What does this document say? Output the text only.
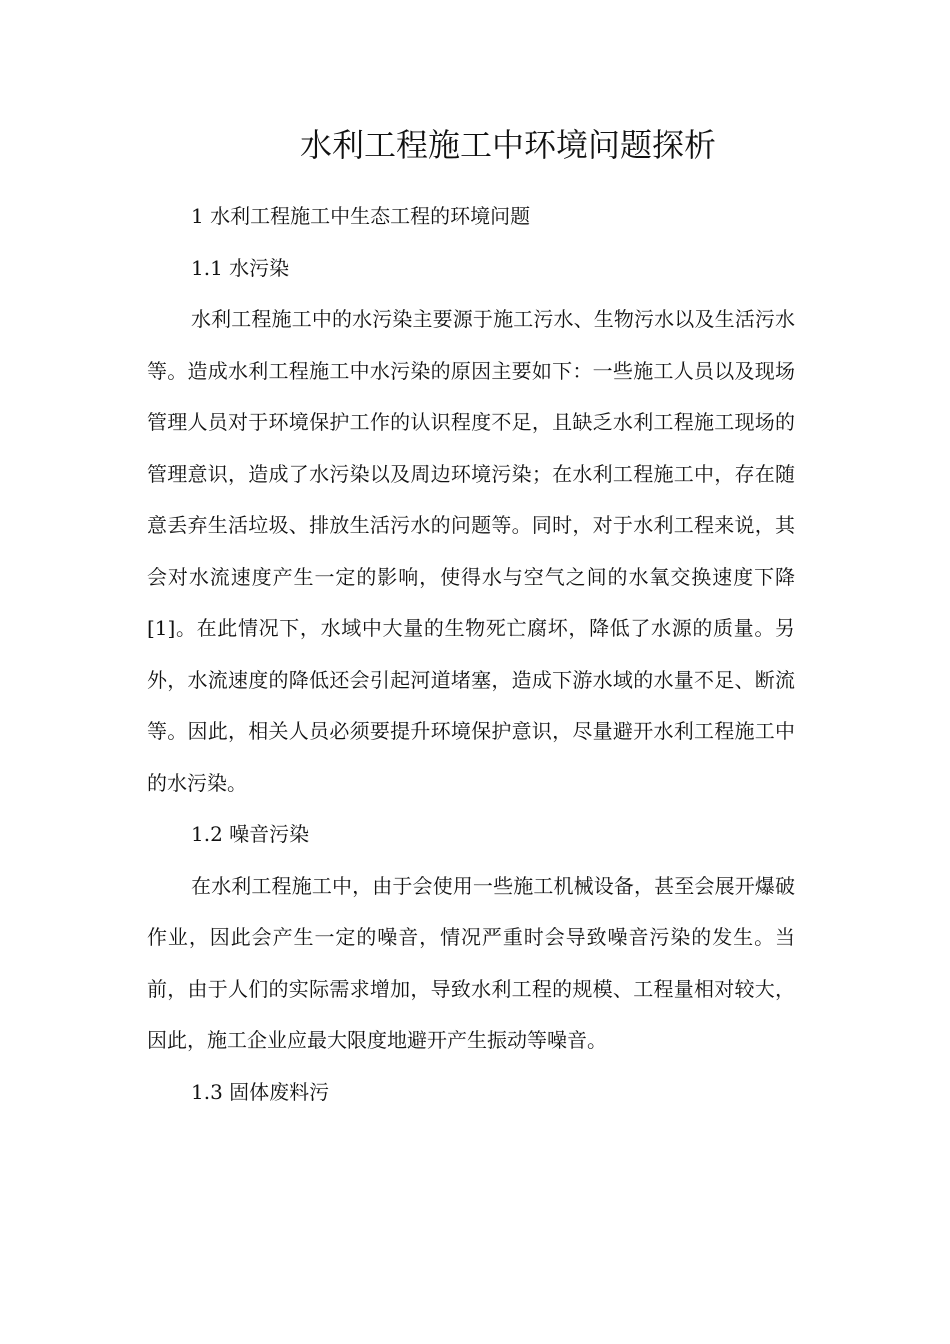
水利工程施工中环境问题探析

1 水利工程施工中生态工程的环境问题

1.1 水污染

水利工程施工中的水污染主要源于施工污水、生物污水以及生活污水等。造成水利工程施工中水污染的原因主要如下：一些施工人员以及现场管理人员对于环境保护工作的认识程度不足，且缺乏水利工程施工现场的管理意识，造成了水污染以及周边环境污染；在水利工程施工中，存在随意丢弃生活垃圾、排放生活污水的问题等。同时，对于水利工程来说，其会对水流速度产生一定的影响，使得水与空气之间的水氧交换速度下降[1]。在此情况下，水域中大量的生物死亡腐坏，降低了水源的质量。另外，水流速度的降低还会引起河道堵塞，造成下游水域的水量不足、断流等。因此，相关人员必须要提升环境保护意识，尽量避开水利工程施工中的水污染。

1.2 噪音污染

在水利工程施工中，由于会使用一些施工机械设备，甚至会展开爆破作业，因此会产生一定的噪音，情况严重时会导致噪音污染的发生。当前，由于人们的实际需求增加，导致水利工程的规模、工程量相对较大，因此，施工企业应最大限度地避开产生振动等噪音。

1.3 固体废料污
